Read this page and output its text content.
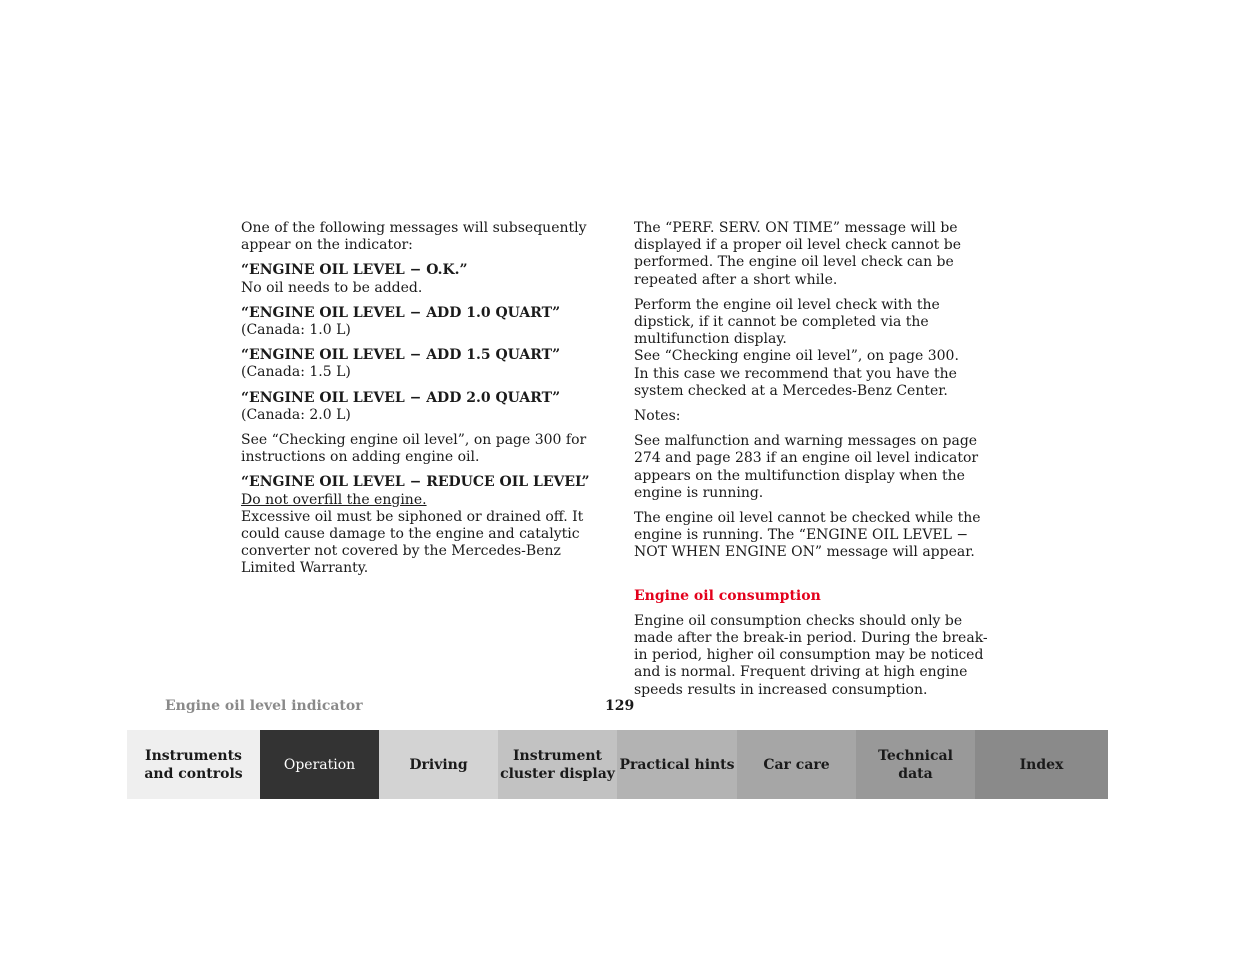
One of the following messages will subsequently appear on the indicator:

“ENGINE OIL LEVEL − O.K.”
No oil needs to be added.
“ENGINE OIL LEVEL − ADD 1.0 QUART”
(Canada: 1.0 L)
“ENGINE OIL LEVEL − ADD 1.5 QUART”
(Canada: 1.5 L)
“ENGINE OIL LEVEL − ADD 2.0 QUART”
(Canada: 2.0 L)

See “Checking engine oil level”, on page 300 for instructions on adding engine oil.

“ENGINE OIL LEVEL − REDUCE OIL LEVEL”
Do not overfill the engine.
Excessive oil must be siphoned or drained off. It could cause damage to the engine and catalytic converter not covered by the Mercedes-Benz Limited Warranty.

The “PERF. SERV. ON TIME” message will be displayed if a proper oil level check cannot be performed. The engine oil level check can be repeated after a short while.

Perform the engine oil level check with the dipstick, if it cannot be completed via the multifunction display.
See “Checking engine oil level”, on page 300.
In this case we recommend that you have the system checked at a Mercedes-Benz Center.

Notes:

See malfunction and warning messages on page 274 and page 283 if an engine oil level indicator appears on the multifunction display when the engine is running.

The engine oil level cannot be checked while the engine is running. The “ENGINE OIL LEVEL − NOT WHEN ENGINE ON” message will appear.

Engine oil consumption

Engine oil consumption checks should only be made after the break-in period. During the break-in period, higher oil consumption may be noticed and is normal. Frequent driving at high engine speeds results in increased consumption.

Engine oil level indicator	129
Instruments
and controls
Operation	Driving
Instrument
cluster display
Practical hints Car care
Technical
data
Index
